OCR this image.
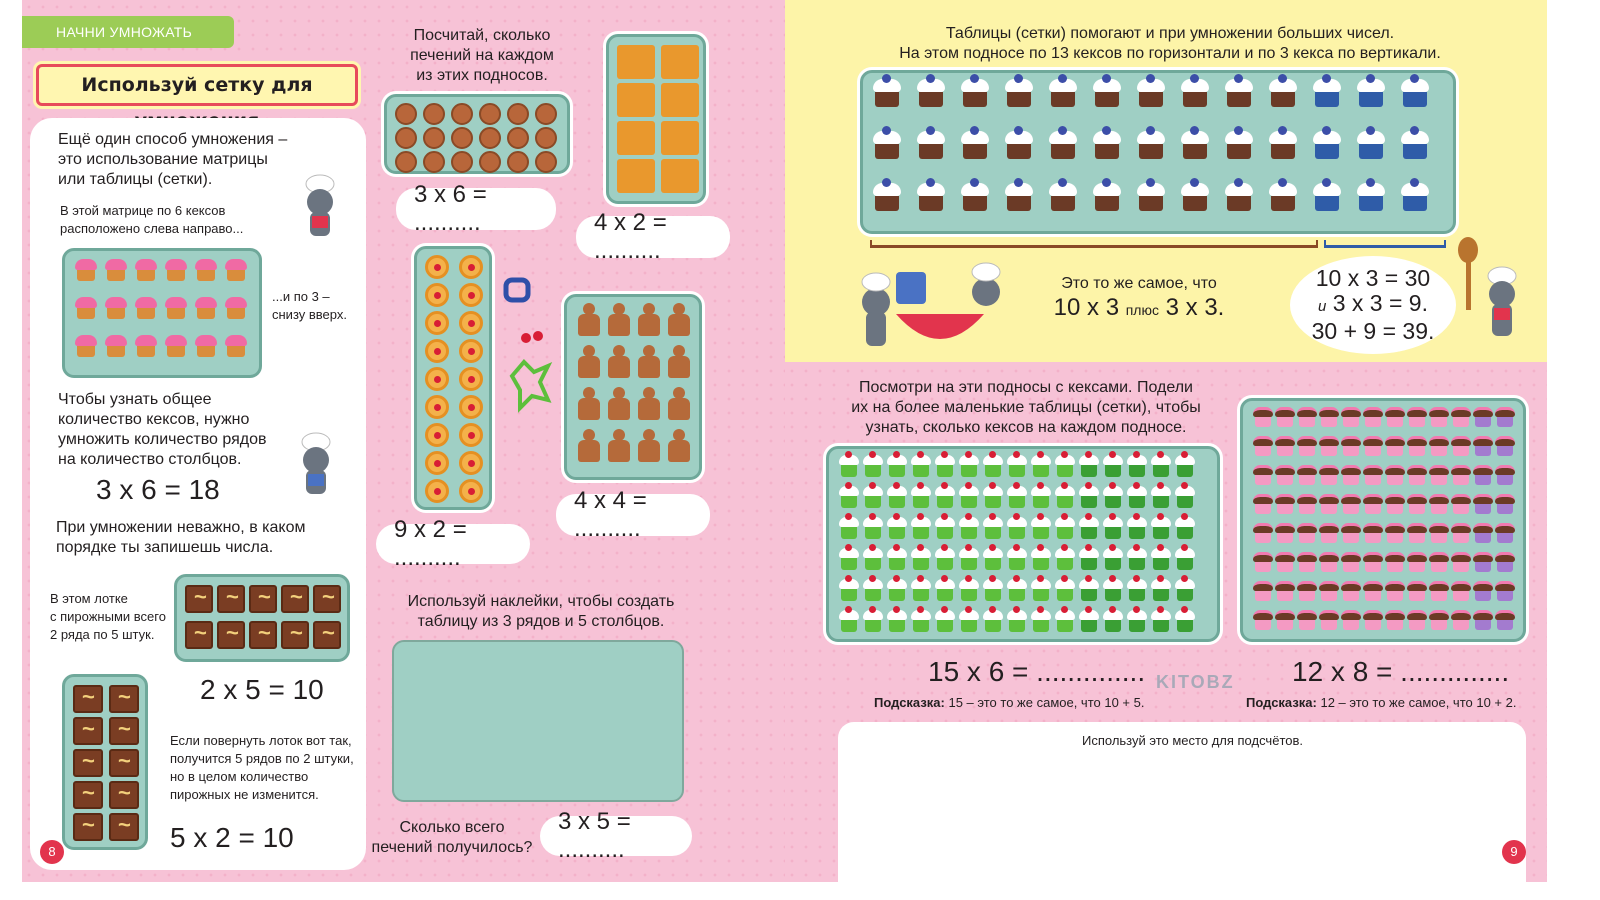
НАЧНИ УМНОЖАТЬ
Используй сетку для
Ещё один способ умножения –
это использование матрицы
или таблицы (сетки).
В этой матрице по 6 кексов
расположено слева направо...
...и по 3 –
снизу вверх.
Чтобы узнать общее
количество кексов, нужно
умножить количество рядов
на количество столбцов.
3 x 6 = 18
При умножении неважно, в каком
порядке ты запишешь числа.
В этом лотке
с пирожными всего
2 ряда по 5 штук.
~
~
~
~
~
~
~
~
~
~
2 x 5 = 10
~
~
~
~
~
~
~
~
~
~
Если повернуть лоток вот так,
получится 5 рядов по 2 штуки,
но в целом количество
пирожных не изменится.
5 x 2 = 10
8
Посчитай, сколько
печений на каждом
из этих подносов.
3 x 6 = ..........	4 x 2 = ..........
9 x 2 = ..........
4 x 4 = ..........
Используй наклейки, чтобы создать
таблицу из 3 рядов и 5 столбцов.
Сколько всего
печений получилось?
3 x 5 = ..........
Таблицы (сетки) помогают и при умножении больших чисел.
На этом подносе по 13 кексов по горизонтали и по 3 кекса по вертикали.
Это то же самое, что
10 х 3 плюс 3 х 3.
10 х 3 = 30
и 3 х 3 = 9.
30 + 9 = 39.
Посмотри на эти подносы с кексами. Подели
их на более маленькие таблицы (сетки), чтобы
узнать, сколько кексов на каждом подносе.
15 x 6 = .............. KITOBZ 12 x 8 = ..............
Подсказка: 15 – это то же самое, что 10 + 5.	Подсказка: 12 – это то же самое, что 10 + 2.
Используй это место для подсчётов.
9
